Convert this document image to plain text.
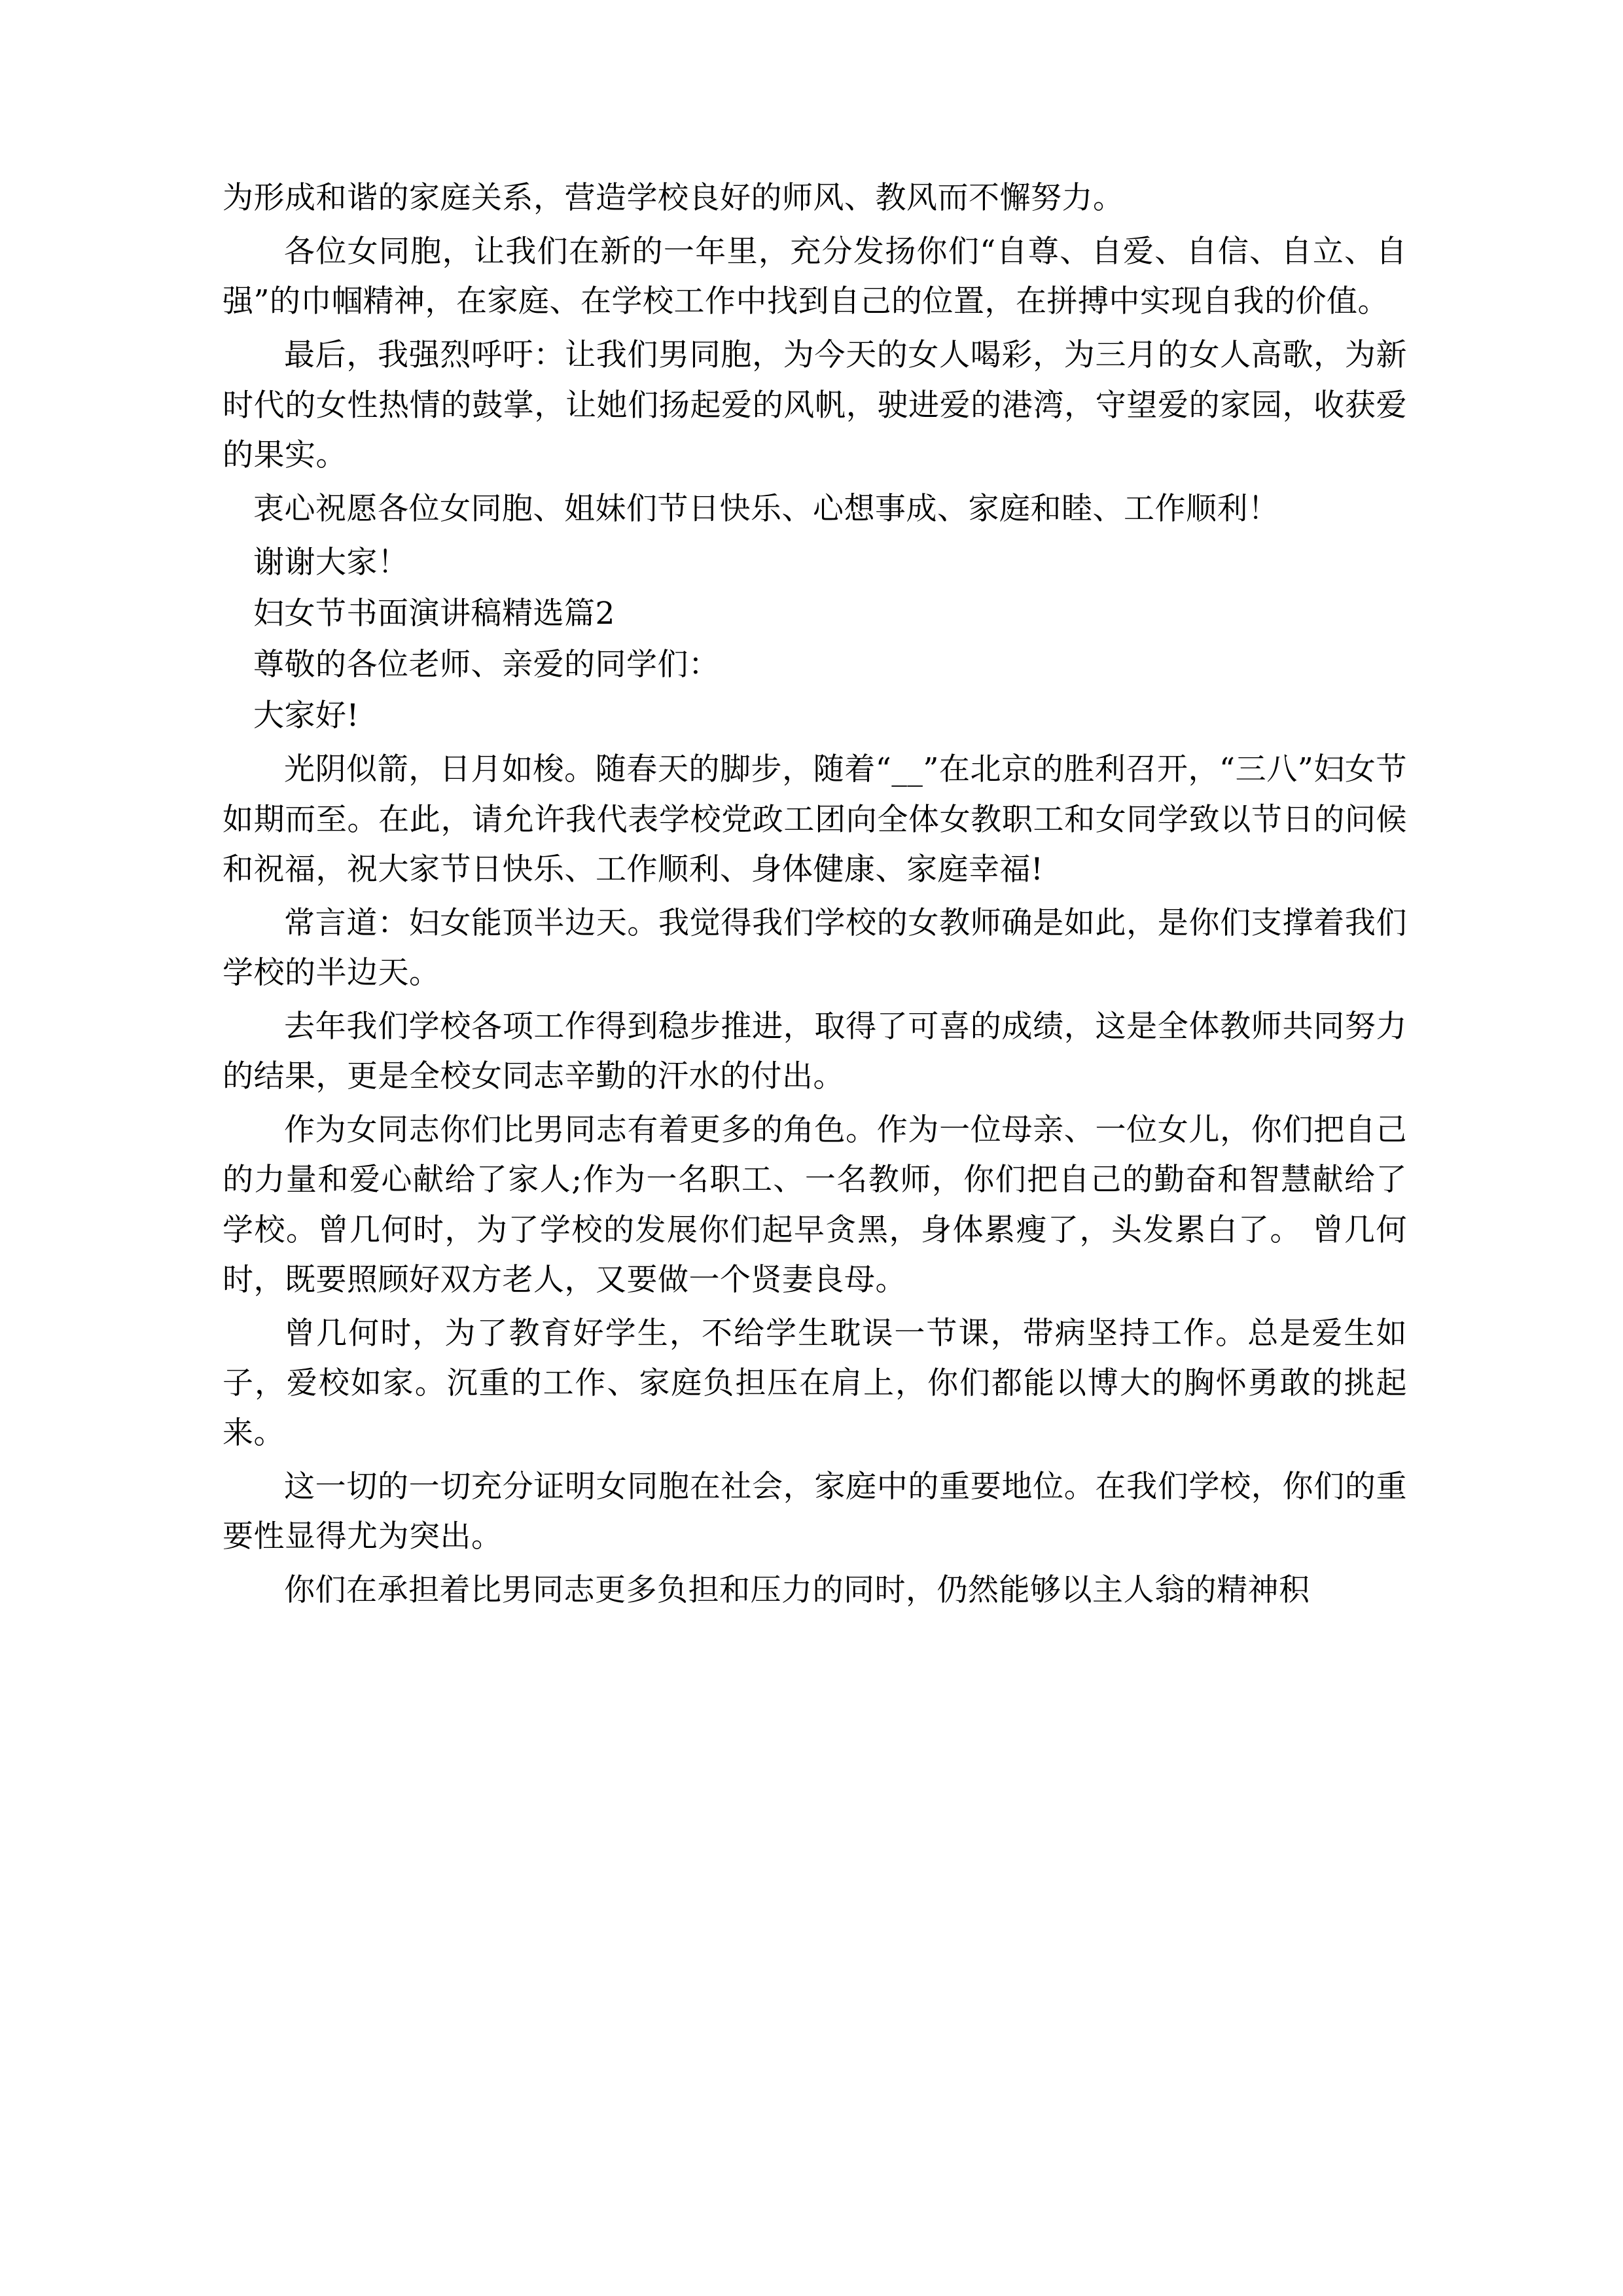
为形成和谐的家庭关系，营造学校良好的师风、教风而不懈努力。

各位女同胞，让我们在新的一年里，充分发扬你们“自尊、自爱、自信、自立、自强”的巾帼精神，在家庭、在学校工作中找到自己的位置，在拼搏中实现自我的价值。

最后，我强烈呼吁：让我们男同胞，为今天的女人喝彩，为三月的女人高歌，为新时代的女性热情的鼓掌，让她们扬起爱的风帆，驶进爱的港湾，守望爱的家园，收获爱的果实。

衷心祝愿各位女同胞、姐妹们节日快乐、心想事成、家庭和睦、工作顺利！

谢谢大家！

妇女节书面演讲稿精选篇2

尊敬的各位老师、亲爱的同学们：

大家好!

光阴似箭，日月如梭。随春天的脚步，随着“__”在北京的胜利召开，“三八”妇女节如期而至。在此，请允许我代表学校党政工团向全体女教职工和女同学致以节日的问候和祝福，祝大家节日快乐、工作顺利、身体健康、家庭幸福!

常言道：妇女能顶半边天。我觉得我们学校的女教师确是如此，是你们支撑着我们学校的半边天。

去年我们学校各项工作得到稳步推进，取得了可喜的成绩，这是全体教师共同努力的结果，更是全校女同志辛勤的汗水的付出。

作为女同志你们比男同志有着更多的角色。作为一位母亲、一位女儿，你们把自己的力量和爱心献给了家人;作为一名职工、一名教师，你们把自己的勤奋和智慧献给了学校。曾几何时，为了学校的发展你们起早贪黑，身体累瘦了，头发累白了。 曾几何时，既要照顾好双方老人，又要做一个贤妻良母。

曾几何时，为了教育好学生，不给学生耽误一节课，带病坚持工作。总是爱生如子，爱校如家。沉重的工作、家庭负担压在肩上，你们都能以博大的胸怀勇敢的挑起来。

这一切的一切充分证明女同胞在社会，家庭中的重要地位。在我们学校，你们的重要性显得尤为突出。

你们在承担着比男同志更多负担和压力的同时，仍然能够以主人翁的精神积
